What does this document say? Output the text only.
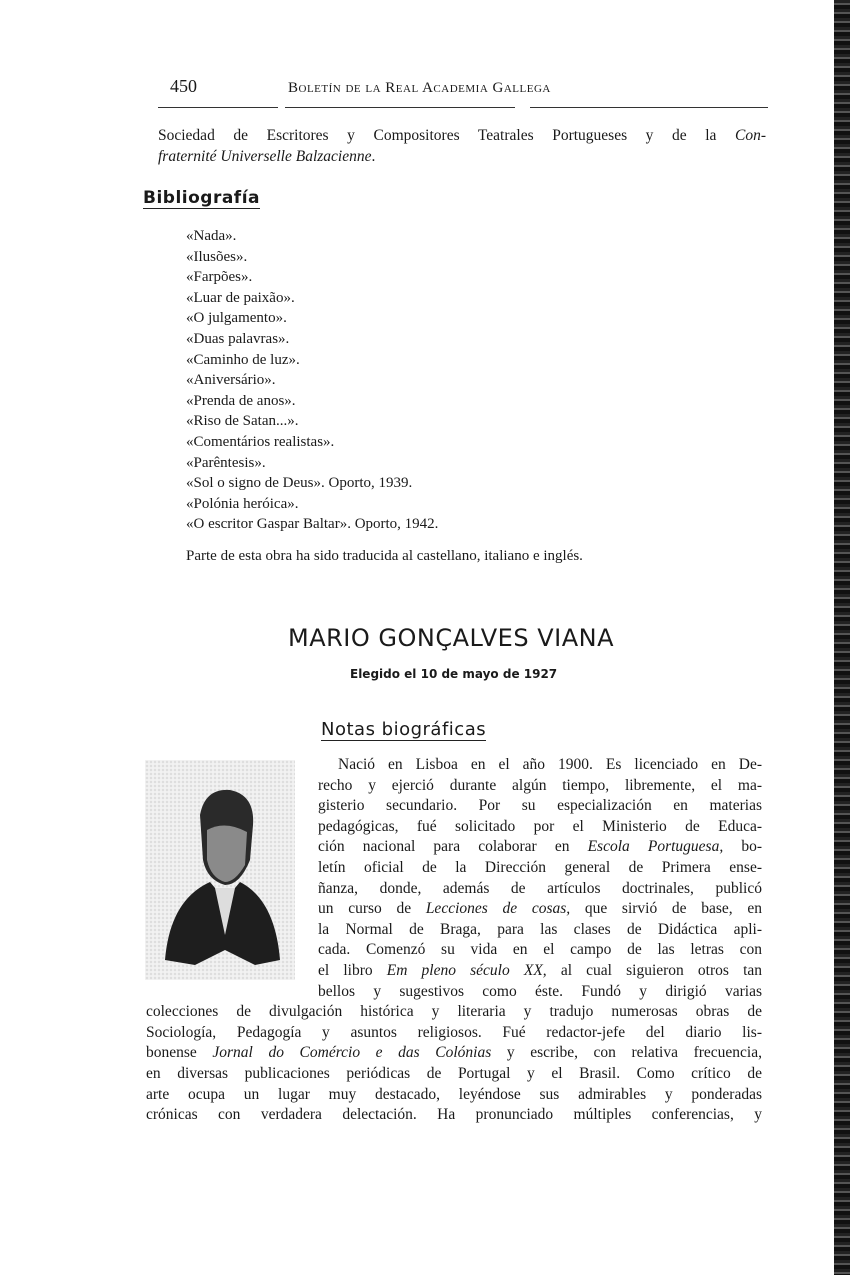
450	Boletín de la Real Academia Gallega
Sociedad de Escritores y Compositores Teatrales Portugueses y de la Con-
fraternité Universelle Balzacienne.
Bibliografía
«Nada».
«Ilusões».
«Farpões».
«Luar de paixão».
«O julgamento».
«Duas palavras».
«Caminho de luz».
«Aniversário».
«Prenda de anos».
«Riso de Satan...».
«Comentários realistas».
«Parêntesis».
«Sol o signo de Deus». Oporto, 1939.
«Polónia heróica».
«O escritor Gaspar Baltar». Oporto, 1942.
Parte de esta obra ha sido traducida al castellano, italiano e inglés.
MARIO GONÇALVES VIANA
Elegido el 10 de mayo de 1927
Notas biográficas
Nació en Lisboa en el año 1900. Es licenciado en De-
recho y ejerció durante algún tiempo, libremente, el ma-
gisterio secundario. Por su especialización en materias
pedagógicas, fué solicitado por el Ministerio de Educa-
ción nacional para colaborar en Escola Portuguesa, bo-
letín oficial de la Dirección general de Primera ense-
ñanza, donde, además de artículos doctrinales, publicó
un curso de Lecciones de cosas, que sirvió de base, en
la Normal de Braga, para las clases de Didáctica apli-
cada. Comenzó su vida en el campo de las letras con
el libro Em pleno século XX, al cual siguieron otros tan
bellos y sugestivos como éste. Fundó y dirigió varias
colecciones de divulgación histórica y literaria y tradujo numerosas obras de
Sociología, Pedagogía y asuntos religiosos. Fué redactor-jefe del diario lis-
bonense Jornal do Comércio e das Colónias y escribe, con relativa frecuencia,
en diversas publicaciones periódicas de Portugal y el Brasil. Como crítico de
arte ocupa un lugar muy destacado, leyéndose sus admirables y ponderadas
crónicas con verdadera delectación. Ha pronunciado múltiples conferencias, y
